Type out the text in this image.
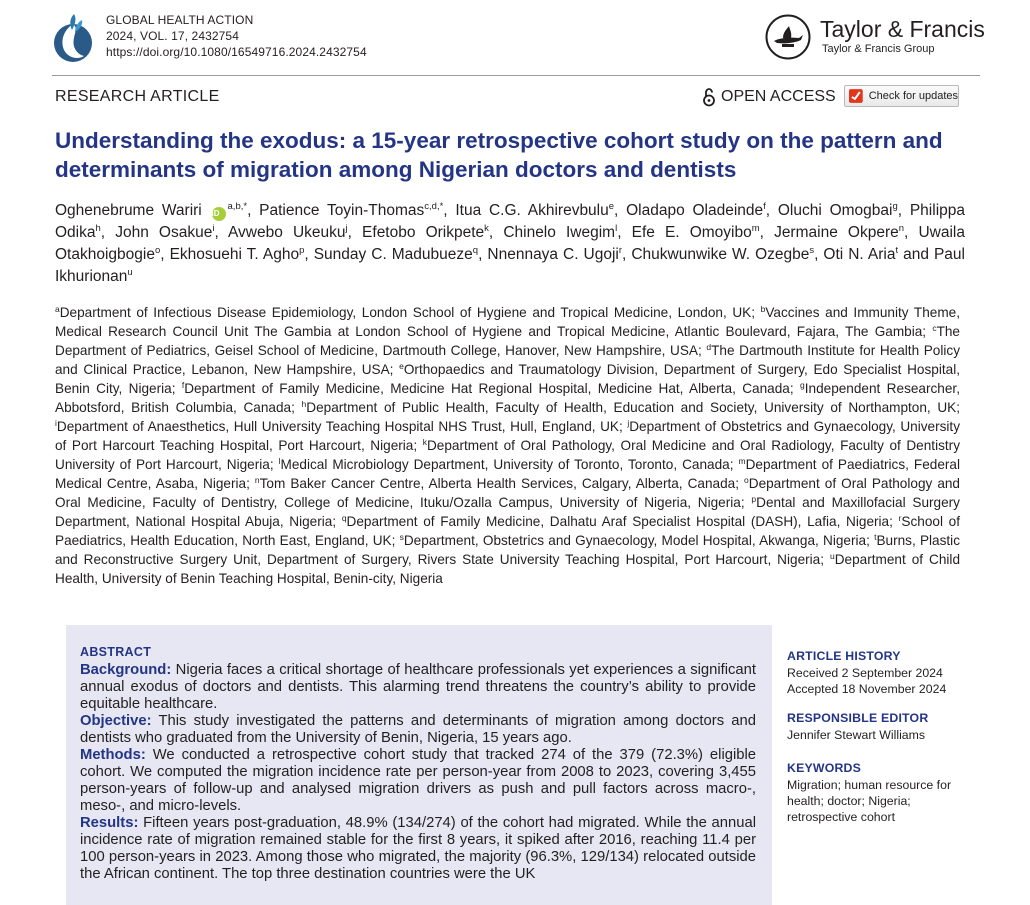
GLOBAL HEALTH ACTION
2024, VOL. 17, 2432754
https://doi.org/10.1080/16549716.2024.2432754
Taylor & Francis
Taylor & Francis Group
RESEARCH ARTICLE	OPEN ACCESS	Check for updates
Understanding the exodus: a 15-year retrospective cohort study on the pattern and determinants of migration among Nigerian doctors and dentists
Oghenebrume Wariri $iD^{a,b,*}$, Patience Toyin-Thomas$^{c,d,*}$, Itua C.G. Akhirevbulu$^e$, Oladapo Oladeinde$^f$, Oluchi Omogbai$^g$, Philippa Odika$^h$, John Osakue$^i$, Avwebo Ukeuku$^j$, Efetobo Orikpete$^k$, Chinelo Iwegim$^l$, Efe E. Omoyibo$^m$, Jermaine Okpere$^n$, Uwaila Otakhoigbogie$^o$, Ekhosuehi T. Agho$^p$, Sunday C. Madubueze$^q$, Nnennaya C. Ugoji$^r$, Chukwunwike W. Ozegbe$^s$, Oti N. Aria$^t$ and Paul Ikhurionan$^u$
$^a$Department of Infectious Disease Epidemiology, London School of Hygiene and Tropical Medicine, London, UK; $^b$Vaccines and Immunity Theme, Medical Research Council Unit The Gambia at London School of Hygiene and Tropical Medicine, Atlantic Boulevard, Fajara, The Gambia; $^c$The Department of Pediatrics, Geisel School of Medicine, Dartmouth College, Hanover, New Hampshire, USA; $^d$The Dartmouth Institute for Health Policy and Clinical Practice, Lebanon, New Hampshire, USA; $^e$Orthopaedics and Traumatology Division, Department of Surgery, Edo Specialist Hospital, Benin City, Nigeria; $^f$Department of Family Medicine, Medicine Hat Regional Hospital, Medicine Hat, Alberta, Canada; $^g$Independent Researcher, Abbotsford, British Columbia, Canada; $^h$Department of Public Health, Faculty of Health, Education and Society, University of Northampton, UK; $^i$Department of Anaesthetics, Hull University Teaching Hospital NHS Trust, Hull, England, UK; $^j$Department of Obstetrics and Gynaecology, University of Port Harcourt Teaching Hospital, Port Harcourt, Nigeria; $^k$Department of Oral Pathology, Oral Medicine and Oral Radiology, Faculty of Dentistry University of Port Harcourt, Nigeria; $^l$Medical Microbiology Department, University of Toronto, Toronto, Canada; $^m$Department of Paediatrics, Federal Medical Centre, Asaba, Nigeria; $^n$Tom Baker Cancer Centre, Alberta Health Services, Calgary, Alberta, Canada; $^o$Department of Oral Pathology and Oral Medicine, Faculty of Dentistry, College of Medicine, Ituku/Ozalla Campus, University of Nigeria, Nigeria; $^p$Dental and Maxillofacial Surgery Department, National Hospital Abuja, Nigeria; $^q$Department of Family Medicine, Dalhatu Araf Specialist Hospital (DASH), Lafia, Nigeria; $^r$School of Paediatrics, Health Education, North East, England, UK; $^s$Department, Obstetrics and Gynaecology, Model Hospital, Akwanga, Nigeria; $^t$Burns, Plastic and Reconstructive Surgery Unit, Department of Surgery, Rivers State University Teaching Hospital, Port Harcourt, Nigeria; $^u$Department of Child Health, University of Benin Teaching Hospital, Benin-city, Nigeria
ABSTRACT

Background: Nigeria faces a critical shortage of healthcare professionals yet experiences a significant annual exodus of doctors and dentists. This alarming trend threatens the country’s ability to provide equitable healthcare.

Objective: This study investigated the patterns and determinants of migration among doctors and dentists who graduated from the University of Benin, Nigeria, 15 years ago.

Methods: We conducted a retrospective cohort study that tracked 274 of the 379 (72.3%) eligible cohort. We computed the migration incidence rate per person-year from 2008 to 2023, covering 3,455 person-years of follow-up and analysed migration drivers as push and pull factors across macro-, meso-, and micro-levels.

Results: Fifteen years post-graduation, 48.9% (134/274) of the cohort had migrated. While the annual incidence rate of migration remained stable for the first 8 years, it spiked after 2016, reaching 11.4 per 100 person-years in 2023. Among those who migrated, the majority (96.3%, 129/134) relocated outside the African continent. The top three destination countries were the UK

ARTICLE HISTORY
Received 2 September 2024
Accepted 18 November 2024
RESPONSIBLE EDITOR
Jennifer Stewart Williams
KEYWORDS
Migration; human resource for health; doctor; Nigeria; retrospective cohort
